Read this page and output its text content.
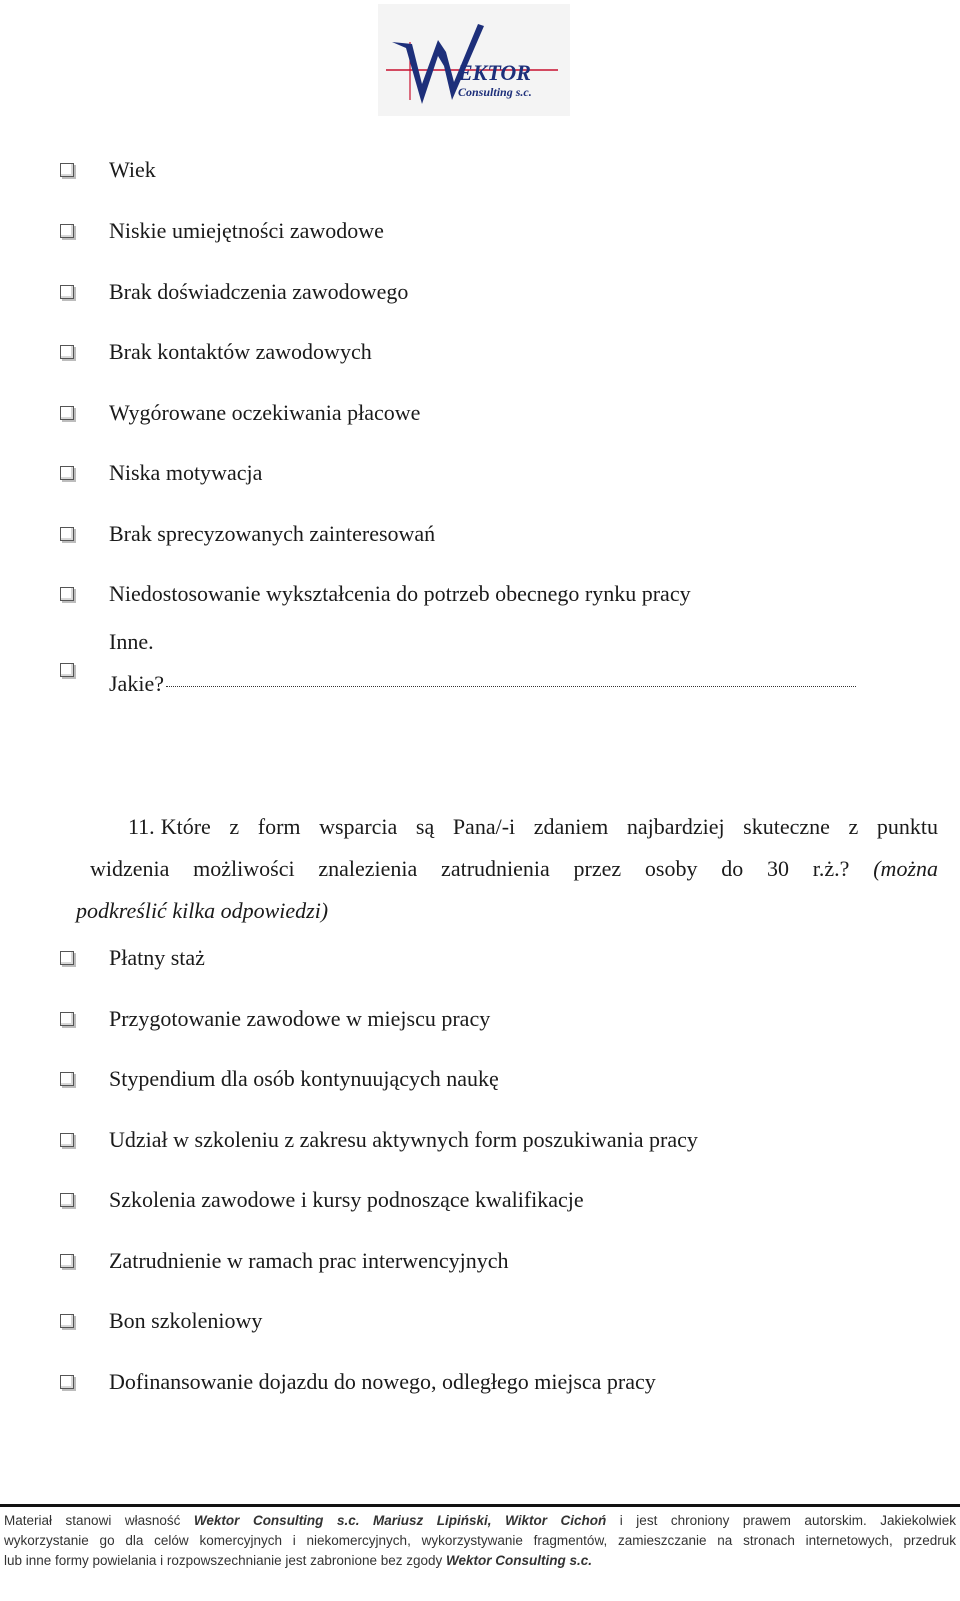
EKTOR
Consulting s.c.
Wiek
Niskie umiejętności zawodowe
Brak doświadczenia zawodowego
Brak kontaktów zawodowych
Wygórowane oczekiwania płacowe
Niska motywacja
Brak sprecyzowanych zainteresowań
Niedostosowanie wykształcenia do potrzeb obecnego rynku pracy
Inne.
Jakie?
11. Które z form wsparcia są Pana/-i zdaniem najbardziej skuteczne z punktu
widzenia możliwości znalezienia zatrudnienia przez osoby do 30 r.ż.? (można
podkreślić kilka odpowiedzi)
Płatny staż
Przygotowanie zawodowe w miejscu pracy
Stypendium dla osób kontynuujących naukę
Udział w szkoleniu z zakresu aktywnych form poszukiwania pracy
Szkolenia zawodowe i kursy podnoszące kwalifikacje
Zatrudnienie w ramach prac interwencyjnych
Bon szkoleniowy
Dofinansowanie dojazdu do nowego, odległego miejsca pracy

Materiał stanowi własność Wektor Consulting s.c. Mariusz Lipiński, Wiktor Cichoń i jest chroniony prawem autorskim. Jakiekolwiek

wykorzystanie go dla celów komercyjnych i niekomercyjnych, wykorzystywanie fragmentów, zamieszczanie na stronach internetowych, przedruk

lub inne formy powielania i rozpowszechnianie jest zabronione bez zgody Wektor Consulting s.c.
